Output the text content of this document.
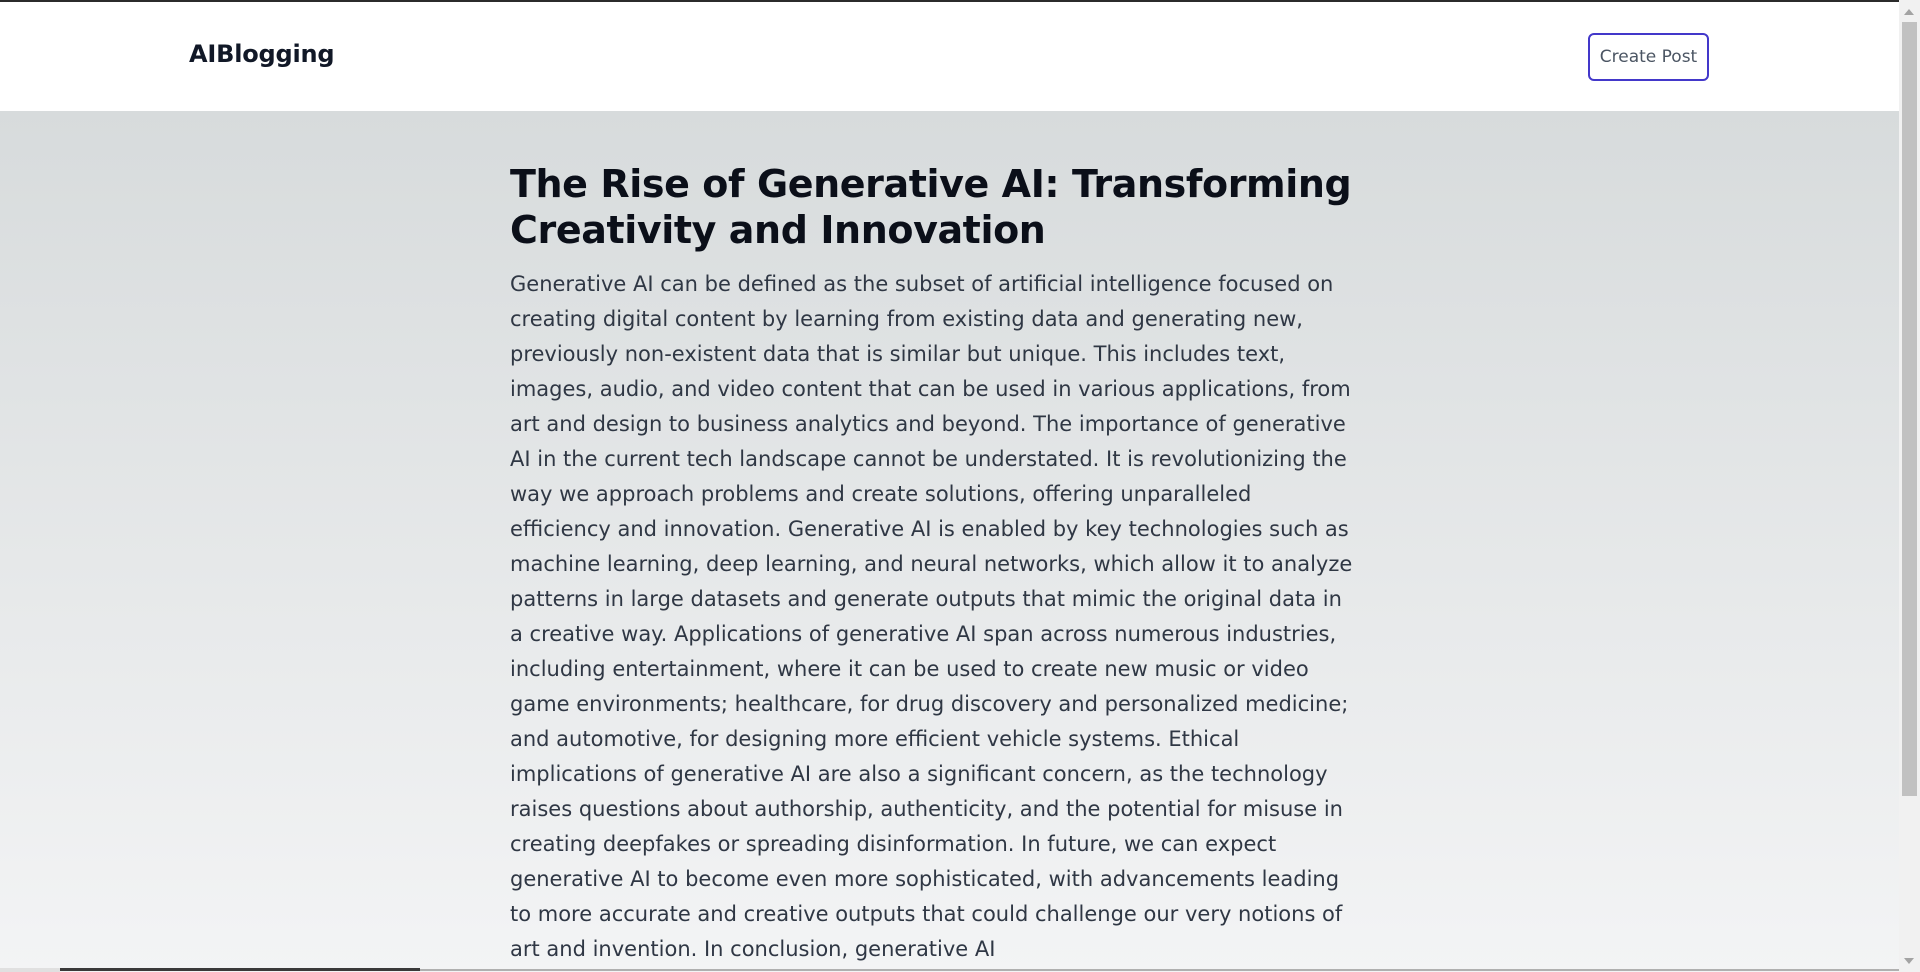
AIBlogging	Create Post
The Rise of Generative AI: Transforming Creativity and Innovation

Generative AI can be defined as the subset of artificial intelligence focused on creating digital content by learning from existing data and generating new, previously non-existent data that is similar but unique. This includes text, images, audio, and video content that can be used in various applications, from art and design to business analytics and beyond. The importance of generative AI in the current tech landscape cannot be understated. It is revolutionizing the way we approach problems and create solutions, offering unparalleled efficiency and innovation. Generative AI is enabled by key technologies such as machine learning, deep learning, and neural networks, which allow it to analyze patterns in large datasets and generate outputs that mimic the original data in a creative way. Applications of generative AI span across numerous industries, including entertainment, where it can be used to create new music or video game environments; healthcare, for drug discovery and personalized medicine; and automotive, for designing more efficient vehicle systems. Ethical implications of generative AI are also a significant concern, as the technology raises questions about authorship, authenticity, and the potential for misuse in creating deepfakes or spreading disinformation. In future, we can expect generative AI to become even more sophisticated, with advancements leading to more accurate and creative outputs that could challenge our very notions of art and invention. In conclusion, generative AI
